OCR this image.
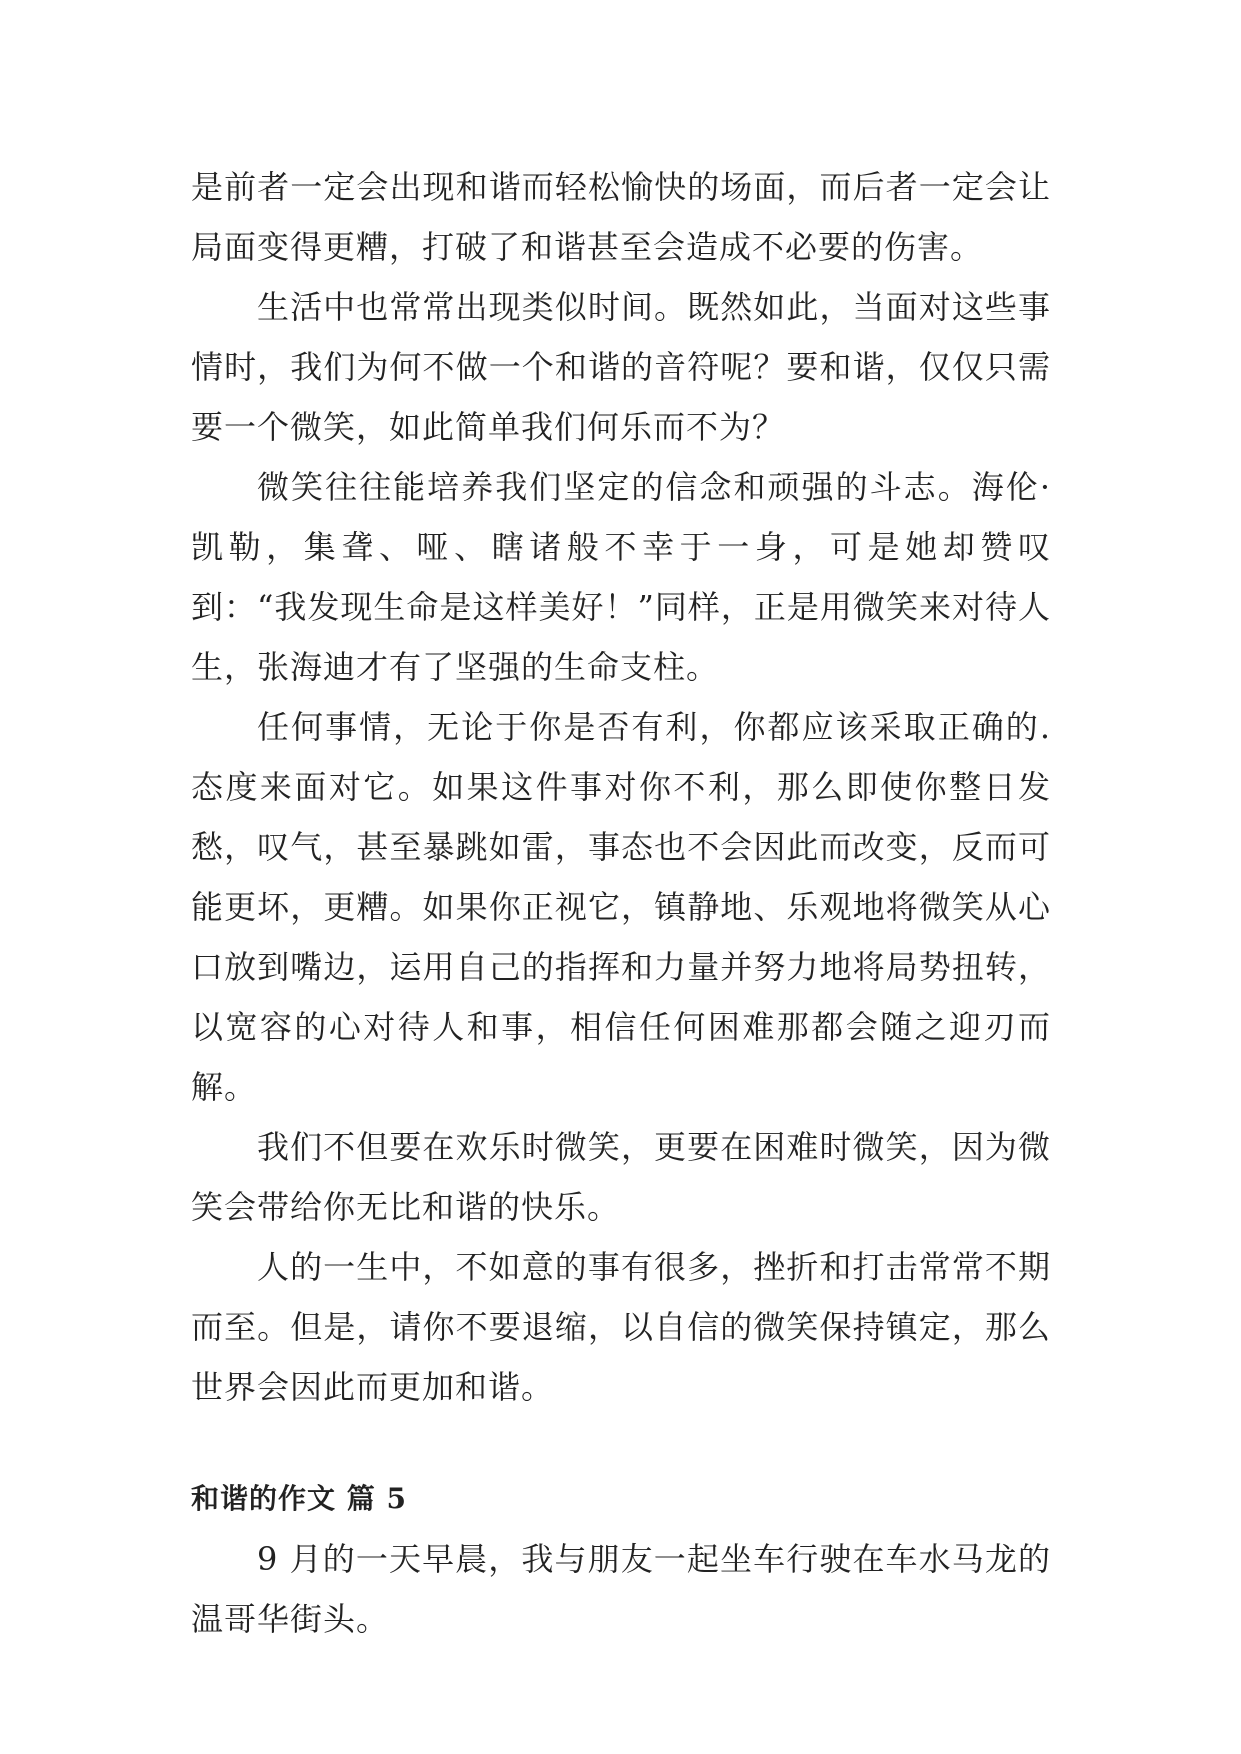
是前者一定会出现和谐而轻松愉快的场面，而后者一定会让局面变得更糟，打破了和谐甚至会造成不必要的伤害。

生活中也常常出现类似时间。既然如此，当面对这些事情时，我们为何不做一个和谐的音符呢？要和谐，仅仅只需要一个微笑，如此简单我们何乐而不为？

微笑往往能培养我们坚定的信念和顽强的斗志。海伦·凯勒，集聋、哑、瞎诸般不幸于一身，可是她却赞叹到：“我发现生命是这样美好！”同样，正是用微笑来对待人生，张海迪才有了坚强的生命支柱。

任何事情，无论于你是否有利，你都应该采取正确的.态度来面对它。如果这件事对你不利，那么即使你整日发愁，叹气，甚至暴跳如雷，事态也不会因此而改变，反而可能更坏，更糟。如果你正视它，镇静地、乐观地将微笑从心口放到嘴边，运用自己的指挥和力量并努力地将局势扭转，以宽容的心对待人和事，相信任何困难那都会随之迎刃而解。

我们不但要在欢乐时微笑，更要在困难时微笑，因为微笑会带给你无比和谐的快乐。

人的一生中，不如意的事有很多，挫折和打击常常不期而至。但是，请你不要退缩，以自信的微笑保持镇定，那么世界会因此而更加和谐。

和谐的作文 篇 5

9 月的一天早晨，我与朋友一起坐车行驶在车水马龙的温哥华街头。
